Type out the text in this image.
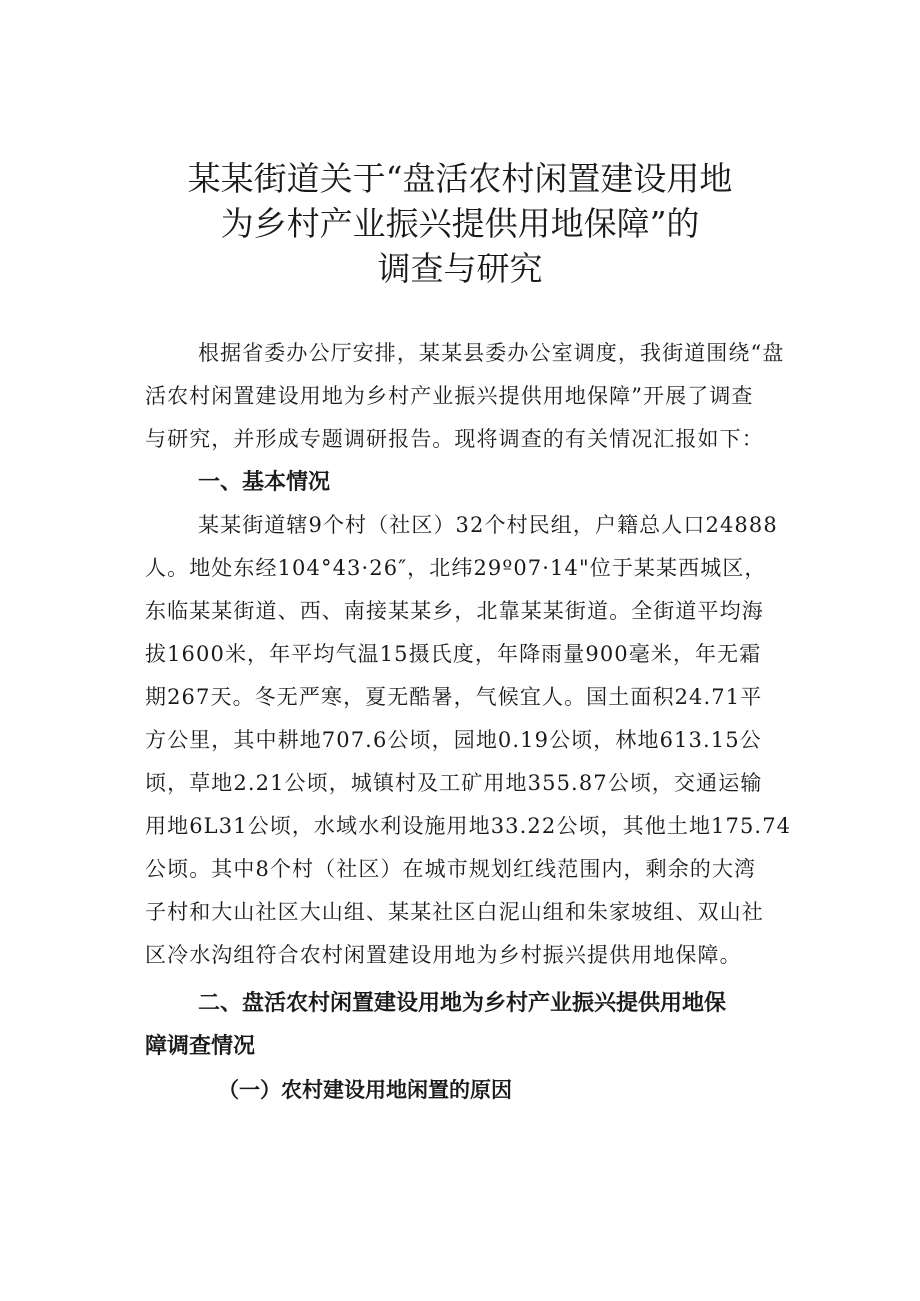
某某街道关于“盘活农村闲置建设用地
为乡村产业振兴提供用地保障”的
调查与研究

根据省委办公厅安排，某某县委办公室调度，我街道围绕“盘

活农村闲置建设用地为乡村产业振兴提供用地保障”开展了调查

与研究，并形成专题调研报告。现将调查的有关情况汇报如下：

一、基本情况

某某街道辖9个村（社区）32个村民组，户籍总人口24888

人。地处东经104°43·26″，北纬29º07·14"位于某某西城区，

东临某某街道、西、南接某某乡，北靠某某街道。全街道平均海

拔1600米，年平均气温15摄氏度，年降雨量900毫米，年无霜

期267天。冬无严寒，夏无酷暑，气候宜人。国土面积24.71平

方公里，其中耕地707.6公顷，园地0.19公顷，林地613.15公

顷，草地2.21公顷，城镇村及工矿用地355.87公顷，交通运输

用地6L31公顷，水域水利设施用地33.22公顷，其他土地175.74

公顷。其中8个村（社区）在城市规划红线范围内，剩余的大湾

子村和大山社区大山组、某某社区白泥山组和朱家坡组、双山社

区冷水沟组符合农村闲置建设用地为乡村振兴提供用地保障。

二、盘活农村闲置建设用地为乡村产业振兴提供用地保

障调查情况

（一）农村建设用地闲置的原因
